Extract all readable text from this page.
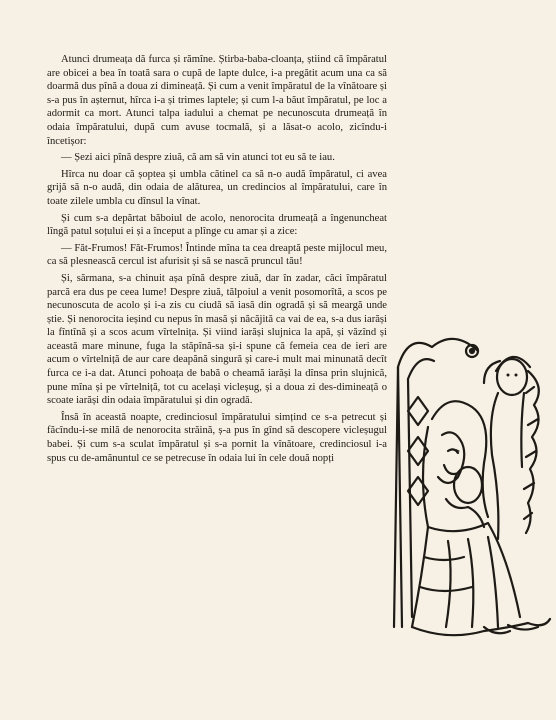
Atunci drumeața dă furca și rămîne. Știrba-baba-cloanța, știind că împăratul are obicei a bea în toată sara o cupă de lapte dulce, i-a pregătit acum una ca să doarmă dus pînă a doua zi dimineață. Și cum a venit împăratul de la vînătoare și s-a pus în așternut, hîrca i-a și trimes laptele; și cum l-a băut împăratul, pe loc a adormit ca mort. Atunci talpa iadului a chemat pe necunoscuta drumeață în odaia împăratului, după cum avuse tocmală, și a lăsat-o acolo, zicîndu-i încetișor:

— Șezi aici pînă despre ziuă, că am să vin atunci tot eu să te iau.

Hîrca nu doar că șoptea și umbla cătinel ca să n-o audă împăratul, ci avea grijă să n-o audă, din odaia de alăturea, un credincios al împăratului, care în toate zilele umbla cu dînsul la vînat.

Și cum s-a depărtat băboiul de acolo, nenorocita drumeață a îngenuncheat lîngă patul soțului ei și a început a plînge cu amar și a zice:

— Făt-Frumos! Făt-Frumos! Întinde mîna ta cea dreaptă peste mijlocul meu, ca să plesnească cercul ist afurisit și să se nască pruncul tău!

Și, sărmana, s-a chinuit așa pînă despre ziuă, dar în zadar, căci împăratul parcă era dus pe ceea lume! Despre ziuă, tălpoiul a venit posomorîtă, a scos pe necunoscuta de acolo și i-a zis cu ciudă să iasă din ogradă și să meargă unde știe. Și nenorocita ieșind cu nepus în masă și năcăjită ca vai de ea, s-a dus iarăși la fîntînă și a scos acum vîrtelnița. Și viind iarăși slujnica la apă, și văzînd și această mare minune, fuga la stăpînă-sa și-i spune că femeia cea de ieri are acum o vîrtelniță de aur care deapănă singură și care-i mult mai minunată decît furca ce i-a dat. Atunci pohoața de babă o cheamă iarăși la dînsa prin slujnică, pune mîna și pe vîrtelniță, tot cu același vicleșug, și a doua zi des-dimineață o scoate iarăși din odaia împăratului și din ogradă.

Însă în această noapte, credinciosul împăratului simțind ce s-a petrecut și făcîndu-i-se milă de nenorocita străină, ș-a pus în gînd să descopere vicleșugul babei. Și cum s-a sculat împăratul și s-a pornit la vînătoare, credinciosul i-a spus cu de-amănuntul ce se petrecuse în odaia lui în cele două nopți
